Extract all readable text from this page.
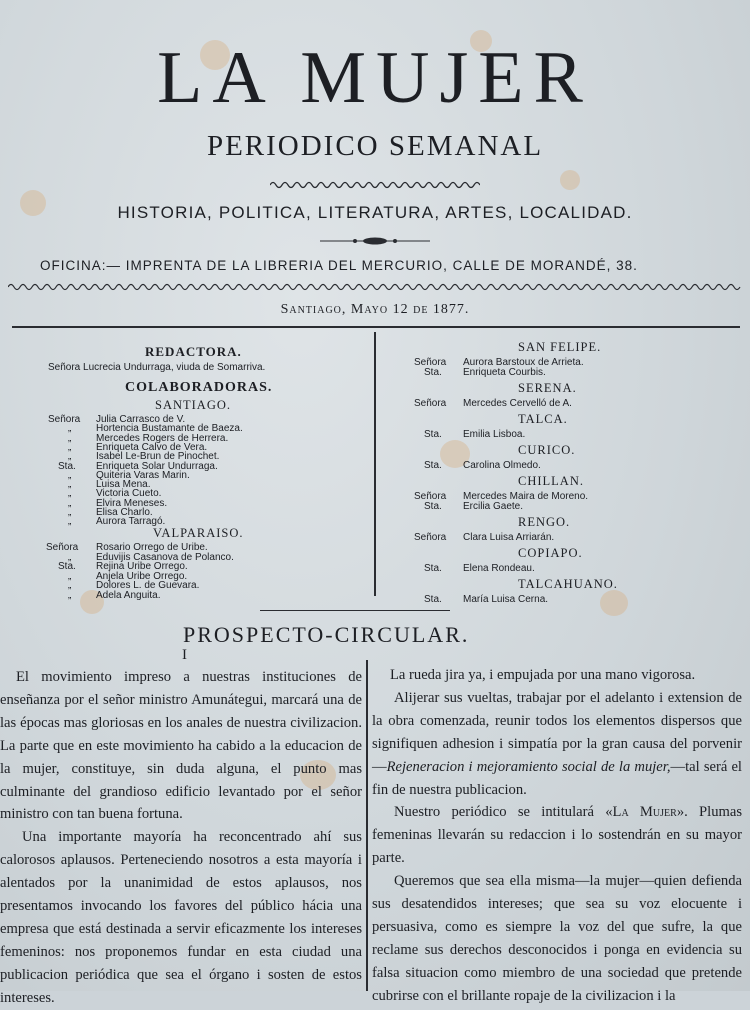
LA MUJER
PERIODICO SEMANAL
HISTORIA, POLITICA, LITERATURA, ARTES, LOCALIDAD.
OFICINA:— IMPRENTA DE LA LIBRERIA DEL MERCURIO, CALLE DE MORANDÉ, 38.
Santiago, Mayo 12 de 1877.
REDACTORA.
Señora Lucrecia Undurraga, viuda de Somarriva.
COLABORADORAS.
SANTIAGO.
Señora Julia Carrasco de V.
„ Hortencia Bustamante de Baeza.
„ Mercedes Rogers de Herrera.
„ Enriqueta Calvo de Vera.
„ Isabel Le-Brun de Pinochet.
Sta. Enriqueta Solar Undurraga.
„ Quiteria Varas Marin.
„ Luisa Mena.
„ Victoria Cueto.
„ Elvira Meneses.
„ Elisa Charlo.
„ Aurora Tarragó.
VALPARAISO.
Señora Rosario Orrego de Uribe.
„ Eduvijis Casanova de Polanco.
Sta. Rejina Uribe Orrego.
„ Anjela Uribe Orrego.
„ Dolores L. de Guevara.
„ Adela Anguita.
SAN FELIPE.
Señora Aurora Barstoux de Arrieta.
Sta. Enriqueta Courbis.
SERENA.
Señora Mercedes Cervelló de A.
TALCA.
Sta. Emilia Lisboa.
CURICO.
Sta. Carolina Olmedo.
CHILLAN.
Señora Mercedes Maira de Moreno.
Sta. Ercilia Gaete.
RENGO.
Señora Clara Luisa Arriarán.
COPIAPO.
Sta. Elena Rondeau.
TALCAHUANO.
Sta. María Luisa Cerna.
PROSPECTO-CIRCULAR.
I

El movimiento impreso a nuestras instituciones de enseñanza por el señor ministro Amunátegui, marcará una de las épocas mas gloriosas en los anales de nuestra civilizacion. La parte que en este movimiento ha cabido a la educacion de la mujer, constituye, sin duda alguna, el punto mas culminante del grandioso edificio levantado por el señor ministro con tan buena fortuna.

Una importante mayoría ha reconcentrado ahí sus calorosos aplausos. Perteneciendo nosotros a esta mayoría i alentados por la unanimidad de estos aplausos, nos presentamos invocando los favores del público hácia una empresa que está destinada a servir eficazmente los intereses femeninos: nos proponemos fundar en esta ciudad una publicacion periódica que sea el órgano i sosten de estos intereses.

La rueda jira ya, i empujada por una mano vigorosa.

Alijerar sus vueltas, trabajar por el adelanto i extension de la obra comenzada, reunir todos los elementos dispersos que signifiquen adhesion i simpatía por la gran causa del porvenir—Rejeneracion i mejoramiento social de la mujer,—tal será el fin de nuestra publicacion.

Nuestro periódico se intitulará «La Mujer». Plumas femeninas llevarán su redaccion i lo sostendrán en su mayor parte.

Queremos que sea ella misma—la mujer—quien defienda sus desatendidos intereses; que sea su voz elocuente i persuasiva, como es siempre la voz del que sufre, la que reclame sus derechos desconocidos i ponga en evidencia su falsa situacion como miembro de una sociedad que pretende cubrirse con el brillante ropaje de la civilizacion i la
